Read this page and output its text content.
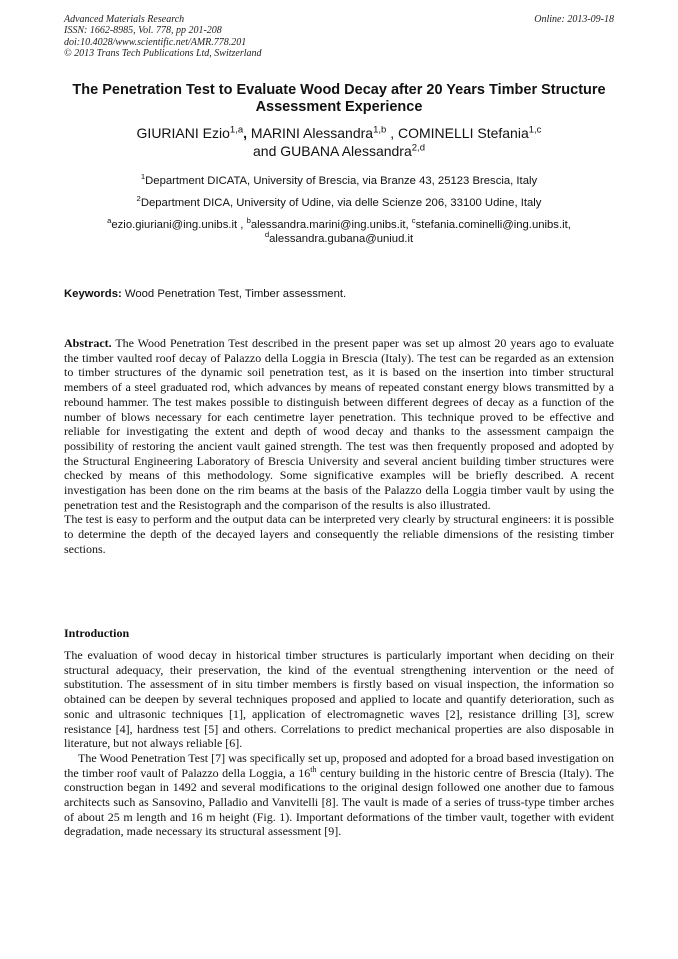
Advanced Materials Research
ISSN: 1662-8985, Vol. 778, pp 201-208
doi:10.4028/www.scientific.net/AMR.778.201
© 2013 Trans Tech Publications Ltd, Switzerland
Online: 2013-09-18
The Penetration Test to Evaluate Wood Decay after 20 Years Timber Structure Assessment Experience
GIURIANI Ezio$^{1,a}$, MARINI Alessandra$^{1,b}$ , COMINELLI Stefania$^{1,c}$
and GUBANA Alessandra$^{2,d}$

$^1$Department DICATA, University of Brescia, via Branze 43, 25123 Brescia, Italy

$^2$Department DICA, University of Udine, via delle Scienze 206, 33100 Udine, Italy

$^a$ezio.giuriani@ing.unibs.it , $^b$alessandra.marini@ing.unibs.it, $^c$stefania.cominelli@ing.unibs.it,
$^d$alessandra.gubana@uniud.it

Keywords: Wood Penetration Test, Timber assessment.

Abstract. The Wood Penetration Test described in the present paper was set up almost 20 years ago to evaluate the timber vaulted roof decay of Palazzo della Loggia in Brescia (Italy). The test can be regarded as an extension to timber structures of the dynamic soil penetration test, as it is based on the insertion into timber structural members of a steel graduated rod, which advances by means of repeated constant energy blows transmitted by a rebound hammer. The test makes possible to distinguish between different degrees of decay as a function of the number of blows necessary for each centimetre layer penetration. This technique proved to be effective and reliable for investigating the extent and depth of wood decay and thanks to the assessment campaign the possibility of restoring the ancient vault gained strength. The test was then frequently proposed and adopted by the Structural Engineering Laboratory of Brescia University and several ancient building timber structures were checked by means of this methodology. Some significative examples will be briefly described. A recent investigation has been done on the rim beams at the basis of the Palazzo della Loggia timber vault by using the penetration test and the Resistograph and the comparison of the results is also illustrated.

The test is easy to perform and the output data can be interpreted very clearly by structural engineers: it is possible to determine the depth of the decayed layers and consequently the reliable dimensions of the resisting timber sections.

Introduction

The evaluation of wood decay in historical timber structures is particularly important when deciding on their structural adequacy, their preservation, the kind of the eventual strengthening intervention or the need of substitution. The assessment of in situ timber members is firstly based on visual inspection, the information so obtained can be deepen by several techniques proposed and applied to locate and quantify deterioration, such as sonic and ultrasonic techniques [1], application of electromagnetic waves [2], resistance drilling [3], screw resistance [4], hardness test [5] and others. Correlations to predict mechanical properties are also disposable in literature, but not always reliable [6].

The Wood Penetration Test [7] was specifically set up, proposed and adopted for a broad based investigation on the timber roof vault of Palazzo della Loggia, a 16th century building in the historic centre of Brescia (Italy). The construction began in 1492 and several modifications to the original design followed one another due to famous architects such as Sansovino, Palladio and Vanvitelli [8]. The vault is made of a series of truss-type timber arches of about 25 m length and 16 m height (Fig. 1). Important deformations of the timber vault, together with evident degradation, made necessary its structural assessment [9].
